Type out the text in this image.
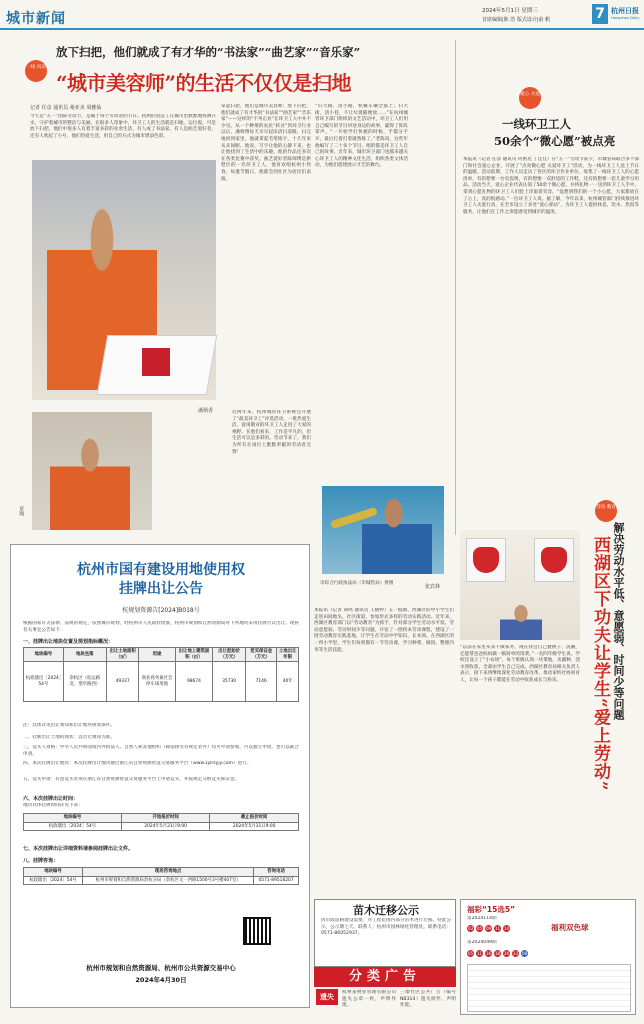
城市新闻	2024年5月1日 星期三
首席编辑|陈 浩 版式设计|俞 帆	7 杭州日报
Hangzhou Daily
一线 风采
放下扫把，他们就成了有才华的“书法家”“曲艺家”“音乐家”
“城市美容师”的生活不仅仅是扫地
记者 任彦 通讯员 桑亚美 周雅仙
今天是“五一”国际劳动节，是属于每个劳动者的节日。杭州的清洁工在城市里默默地挥洒汗水，守护着城市的整洁与美丽。在很多人印象中，环卫工人的生活就是扫地、运垃圾，可是放下扫把，他们中很多人有着丰富多彩的业余生活，有人成了书法家，有人是曲艺爱好者，还有人吹起了小号，他们热爱生活，用自己的方式为城市增添色彩。
拿起扫把，他们是城市美容师；放下扫把，他们就成了有才华的“书法家”“曲艺家”“音乐家”——这样的“不务正业”在环卫工人中并不少见。从一个种菜的农民“转业”到环卫行业以后，潘师傅每天早早起床清扫道路，扫完地回到家里，他就拿起毛笔练字，十几年来从未间断。他说，写字让他的心静下来，也让他找到了生活中的乐趣。他的作品还多次在各类比赛中获奖。曲艺爱好者陈师傅是拱墅区的一名环卫工人，他喜欢唱杭州小热昏，每逢节假日，他都会到社区为居民们表演。
“扫大路，清小路，机械车辆全都上；扫大街，清小巷，不让垃圾随便放……”在杭州城管环卫部门组织的文艺活动中，环卫工人们用自己编写的节目讲述身边的故事，赢得了阵阵掌声。“一开始学打快板的时候，手都分不开，最后打着打着就熟练了。”老陈说，这些年他编写了二十多个节目，唱的都是环卫工人自己的故事。近年来，城市环卫部门也越来越关心环卫工人的精神文化生活，组织各类文体活动，为他们搭建展示才艺的舞台。
近两年来，杭州城管环卫系统还开展了“最美环卫工”评选活动，一批热爱生活、爱岗敬业的环卫工人走进了大家的视野。在他们看来，工作是平凡的，但生活可以是多彩的。劳动节来了，我们为所有在岗位上默默奉献的劳动者点赞！
潘炳香
章翔
张宾林
市综合行政执法局（市城管局）供图
暖心 关爱
一线环卫工人
50余个“微心愿”被点亮
本报讯（记者 任彦 通讯员 何密昆 丁佳佳）在“五一”劳动节前夕，市城管局联合多个部门和社会爱心企业，开展了“点亮微心愿 关爱环卫工”活动，为一线环卫工人送上节日的温暖。活动前期，工作人员走访了各区的环卫作业单位，收集了一线环卫工人的心愿清单，有的想要一台电饭煲，有的想要一双舒适的工作鞋，还有的想要一套儿童学习用品。活动当天，爱心企业代表认领了50余个微心愿，并将礼物一一送到环卫工人手中。拿到心愿礼物的环卫工人们脸上洋溢着笑容。“没想到我们的一个小心愿，大家都放在了心上，真的很感动。”一位环卫工人说。据了解，今年以来，杭州城管部门持续推进环卫工人关爱行动，在全市设立了多处“爱心驿站”，为环卫工人提供休息、饮水、热饭等服务，让他们在工作之余能感受到城市的温度。
杭州市国有建设用地使用权
挂牌出让公告
杭规划资源告[2024]B018号
根据国家有关法律、法规的规定，依照城市规划，经杭州市人民政府批准，杭州市规划和自然资源局对下列地块采用挂牌方式出让。现将有关事宜公告如下：
一、挂牌出让地块位置及规划指标概况：
地块编号	地块坐落	出让土地面积（㎡）	用途	出让地上建筑面积（㎡）	出让起始价（万元）	竞买保证金（万元）	土地出让年限
杭政储出［2024］54号	余杭区（杭运路北、望亭路西）	49337	商业商务兼社会停车场用地	98674	35730	7146	40年
注：具体详见出让须知和出让地块规划条件。
二、挂牌出让土地的现状：以出让须知为准。
三、竞买人资格：中华人民共和国境内外的法人、自然人和其他组织（除法律另有规定者外）均可申请参加，可以独立申请，也可以联合申请。
四、本次挂牌出让地块：本次挂牌出让地块通过浙江省自然资源智慧交易服务平台（www.zjzrzyjy.com）进行。
五、竞买申请：有意竞买者须在浙江省自然资源智慧交易服务平台上申请竞买，并按规定交纳竞买保证金。
六、本次挂牌出让时间：
地块具体挂牌时间详见下表：
地块编号	开始报价时间	截止报价时间
杭政储出［2024］54号	2024年5月21日9:00	2024年5月31日9:00
七、本次挂牌出让详细资料请参阅挂牌出让文件。
八、挂牌咨询：
地块编号	现场咨询地点	咨询电话
杭政储出［2024］54号	杭州市规划和自然资源局余杭分局（余杭区文一西路1500号3号楼407室）	0571-89518207
杭州市规划和自然资源局、杭州市公共资源交易中心
2024年4月30日
劳动 教育
解决劳动水平低、意愿弱、时间少等问题
西湖区下功夫让学生“爱上劳动”
本报讯（记者 胡鸣 通讯员 王晓婷）五一假期，西湖区的中小学生们走进田间地头、社区街道，参加形式多样的劳动实践活动。近年来，西湖区教育部门以“劳动教育”为抓手，针对部分学生劳动水平低、劳动意愿弱、劳动时间少等问题，开发了一批校本劳动课程，建设了一批劳动教育实践基地，让学生在劳动中学知识、长本领。在西湖区的一所小学里，学生们每周都有一节劳动课，学习种菜、做饭、整理内务等生活技能。
“以前在家里从来不做家务，现在我会自己叠被子、洗碗，还能帮爸爸妈妈做一顿简单的饭菜。”一名四年级学生说。学校还设立了“小农场”，每个班级认领一块菜地，从播种、浇水到收获，全部由学生自己完成。西湖区教育局相关负责人表示，接下来将继续深化劳动教育改革，推动家校社协同育人，让每一个孩子都能在劳动中收获成长与快乐。
苗木迁移公示
因市政道路建设需要，对工程范围内部分苗木进行迁移。特此公示，公示期七天。联系人：杭州市园林绿化管理处。联系电话：0571-86052937。
分类广告
遗失
杭州某物业管理有限公司遗失公章一枚，声明作废。
三墩社区公共广告（编号NB314）遗失原件，声明作废。
福彩“15选5”
第2024114期
03 05 09 11 14	福利双色球
第2024049期
05 11 16 18 26 33 08
